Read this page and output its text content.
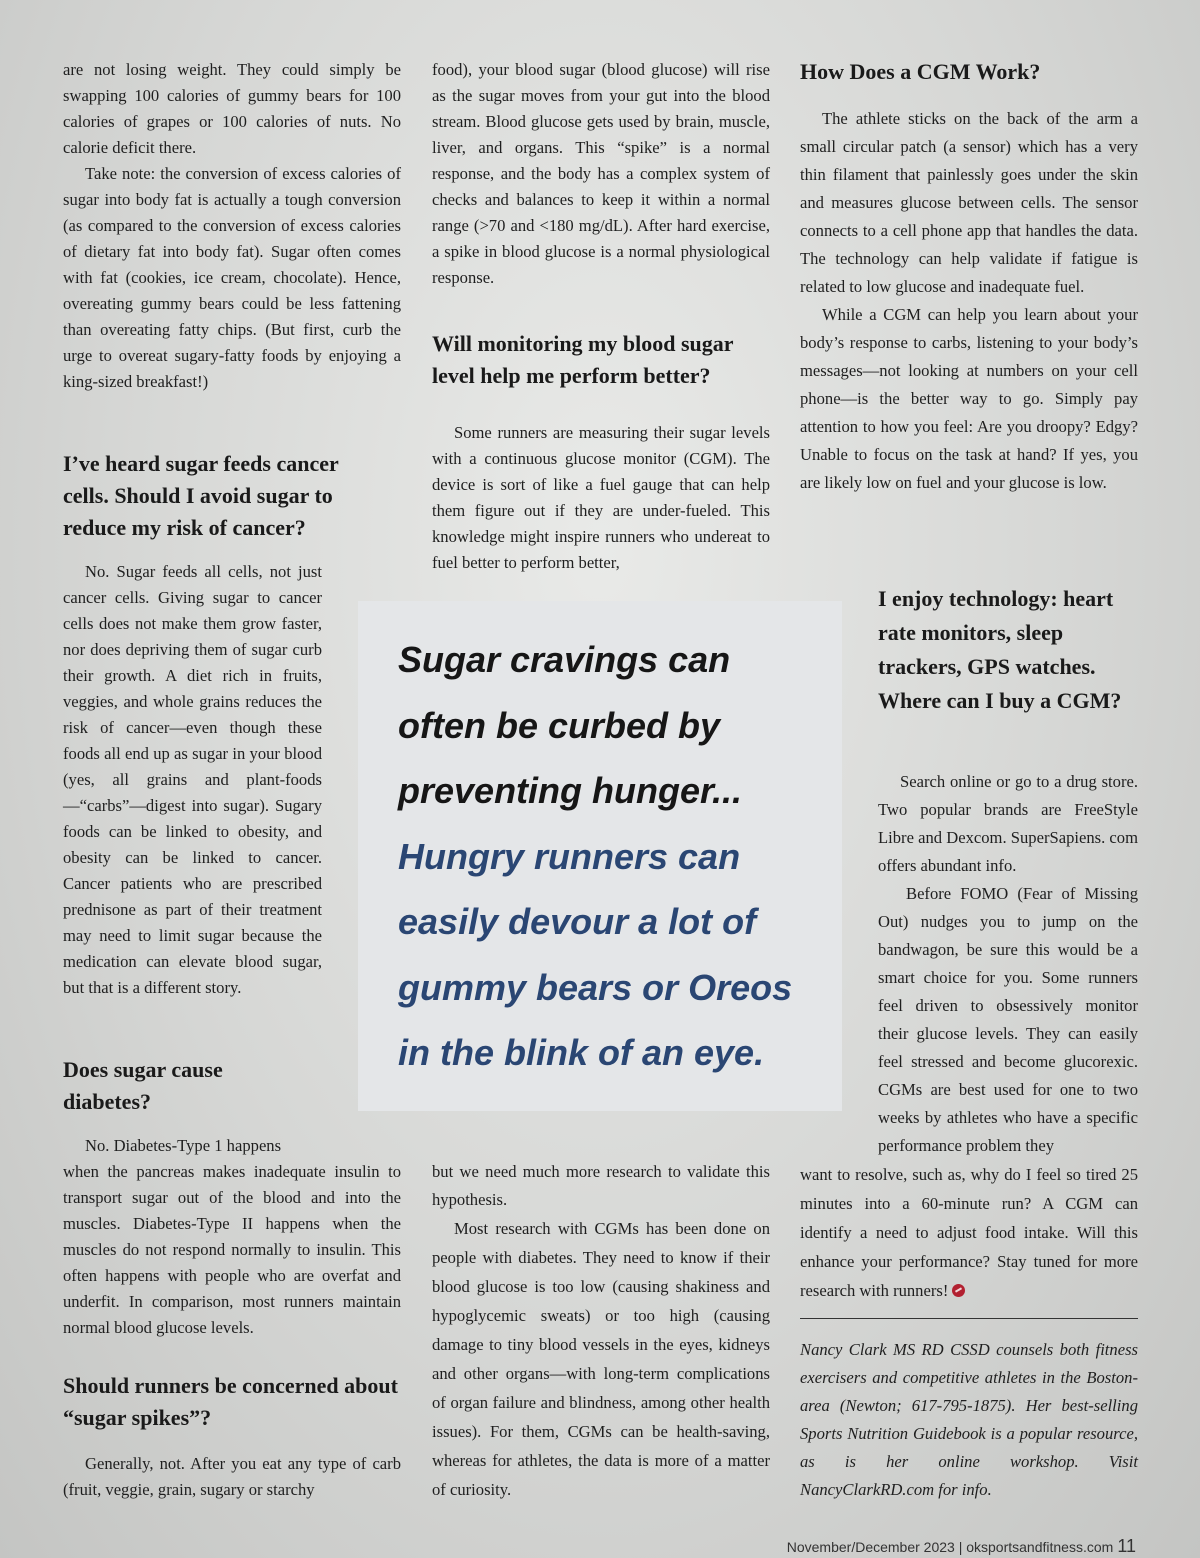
are not losing weight. They could simply be swapping 100 calories of gummy bears for 100 calories of grapes or 100 calories of nuts. No calorie deficit there.

Take note: the conversion of excess calories of sugar into body fat is actually a tough conversion (as compared to the conversion of excess calories of dietary fat into body fat). Sugar often comes with fat (cookies, ice cream, chocolate). Hence, overeating gummy bears could be less fattening than overeating fatty chips. (But first, curb the urge to overeat sugary-fatty foods by enjoying a king-sized breakfast!)

I’ve heard sugar feeds cancer cells. Should I avoid sugar to reduce my risk of cancer?

No. Sugar feeds all cells, not just cancer cells. Giving sugar to cancer cells does not make them grow faster, nor does depriving them of sugar curb their growth. A diet rich in fruits, veggies, and whole grains reduces the risk of cancer—even though these foods all end up as sugar in your blood (yes, all grains and plant-foods—“carbs”—digest into sugar). Sugary foods can be linked to obesity, and obesity can be linked to cancer. Cancer patients who are prescribed prednisone as part of their treatment may need to limit sugar because the medication can elevate blood sugar, but that is a different story.

Does sugar cause diabetes?

No. Diabetes-Type 1 happens

when the pancreas makes inadequate insulin to transport sugar out of the blood and into the muscles. Diabetes-Type II happens when the muscles do not respond normally to insulin. This often happens with people who are overfat and underfit. In comparison, most runners maintain normal blood glucose levels.

Should runners be concerned about “sugar spikes”?

Generally, not. After you eat any type of carb (fruit, veggie, grain, sugary or starchy

food), your blood sugar (blood glucose) will rise as the sugar moves from your gut into the blood stream. Blood glucose gets used by brain, muscle, liver, and organs. This “spike” is a normal response, and the body has a complex system of checks and balances to keep it within a normal range (>70 and <180 mg/dL). After hard exercise, a spike in blood glucose is a normal physiological response.

Will monitoring my blood sugar level help me perform better?

Some runners are measuring their sugar levels with a continuous glucose monitor (CGM). The device is sort of like a fuel gauge that can help them figure out if they are under-fueled. This knowledge might inspire runners who undereat to fuel better to perform better,

but we need much more research to validate this hypothesis.

Most research with CGMs has been done on people with diabetes. They need to know if their blood glucose is too low (causing shakiness and hypoglycemic sweats) or too high (causing damage to tiny blood vessels in the eyes, kidneys and other organs—with long-term complications of organ failure and blindness, among other health issues). For them, CGMs can be health-saving, whereas for athletes, the data is more of a matter of curiosity.

How Does a CGM Work?

The athlete sticks on the back of the arm a small circular patch (a sensor) which has a very thin filament that painlessly goes under the skin and measures glucose between cells. The sensor connects to a cell phone app that handles the data. The technology can help validate if fatigue is related to low glucose and inadequate fuel.

While a CGM can help you learn about your body’s response to carbs, listening to your body’s messages—not looking at numbers on your cell phone—is the better way to go. Simply pay attention to how you feel: Are you droopy? Edgy? Unable to focus on the task at hand? If yes, you are likely low on fuel and your glucose is low.

I enjoy technology: heart rate monitors, sleep trackers, GPS watches. Where can I buy a CGM?

Search online or go to a drug store. Two popular brands are FreeStyle Libre and Dexcom. SuperSapiens. com offers abundant info.

Before FOMO (Fear of Missing Out) nudges you to jump on the bandwagon, be sure this would be a smart choice for you. Some runners feel driven to obsessively monitor their glucose levels. They can easily feel stressed and become glucorexic. CGMs are best used for one to two weeks by athletes who have a specific performance problem they

want to resolve, such as, why do I feel so tired 25 minutes into a 60-minute run? A CGM can identify a need to adjust food intake. Will this enhance your performance? Stay tuned for more research with runners!

Nancy Clark MS RD CSSD counsels both fitness exercisers and competitive athletes in the Boston-area (Newton; 617-795-1875). Her best-selling Sports Nutrition Guidebook is a popular resource, as is her online workshop. Visit NancyClarkRD.com for info.

Sugar cravings can
often be curbed by
preventing hunger...
Hungry runners can
easily devour a lot of
gummy bears or Oreos
in the blink of an eye.
November/December 2023 | oksportsandfitness.com 11
